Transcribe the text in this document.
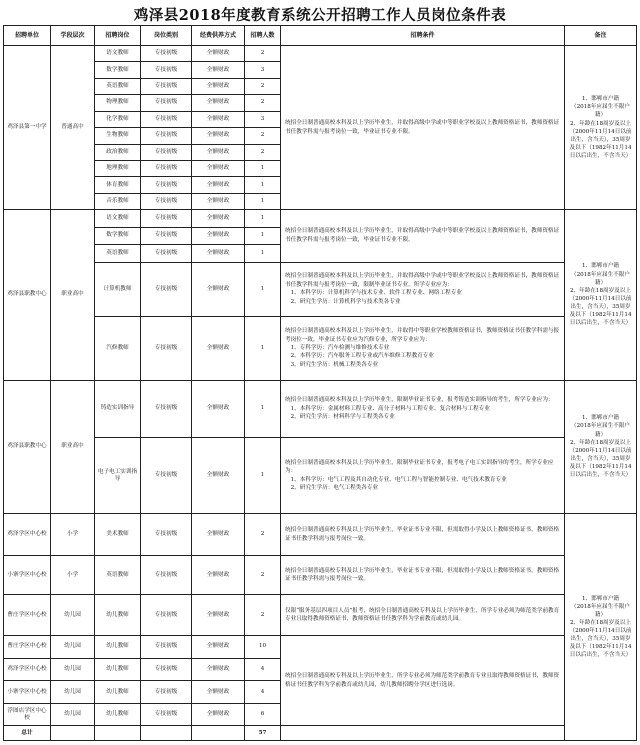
鸡泽县2018年度教育系统公开招聘工作人员岗位条件表
招聘单位	学段层次	招聘岗位	岗位类别	经费供养方式	招聘人数	招聘条件	备注	
鸡泽县第一中学	普通高中	语文教师	专技初级	全额财政	2	统招全日制普通高校本科及以上学历毕业生，并取得高级中学或中等职业学校及以上教师资格证书，教师资格证书任教学科需与报考岗位一致，毕业证书专业不限。	1、邯郸市户籍
（2018年应届生不限户籍）
2、年龄在18周岁及以上（2000年11月14日以前出生，含当天），35周岁及以下（1982年11月14日以后出生，不含当天）	

		数学教师	专技初级	全额财政	3			
		英语教师	专技初级	全额财政	2			
		物理教师	专技初级	全额财政	2			
		化学教师	专技初级	全额财政	3			
		生物教师	专技初级	全额财政	2			
		政治教师	专技初级	全额财政	2			
		地理教师	专技初级	全额财政	1			
		体育教师	专技初级	全额财政	1			
		音乐教师	专技初级	全额财政	1			
鸡泽县职教中心	职业高中	语文教师	专技初级	全额财政	1	统招全日制普通高校本科及以上学历毕业生，并取得高级中学或中等职业学校及以上教师资格证书，教师资格证书任教学科需与报考岗位一致，毕业证书专业不限。	1、邯郸市户籍
（2018年应届生不限户籍）
2、年龄在18周岁及以上（2000年11月14日以前出生，含当天），35周岁及以下（1982年11月14日以后出生，不含当天）	

		数学教师	专技初级	全额财政	1			
		英语教师	专技初级	全额财政	1			
		计算机教师	专技初级	全额财政	1	统招全日制普通高校本科及以上学历毕业生，并取得高级中学或中等职业学校及以上教师资格证书，教师资格证书任教学科需与报考岗位一致，限制毕业证书专业，所学专业应为：
1、本科学历：计算机科学与技术专业、软件工程专业、网络工程专业
2、研究生学历：计算机科学与技术类各专业		

		汽修教师	专技初级	全额财政	1	统招全日制普通高校本科及以上学历毕业生，并取得中等职业学校教师资格证书，教师资格证书任教学科需与报考岗位一致，毕业证书专业应为汽修专业，所学专业应为：
1、专科学历：汽车检测与维修技术专业
2、本科学历：汽车服务工程专业或汽车维修工程教育专业
3、研究生学历：机械工程类各专业		

鸡泽县职教中心	职业高中	铸造实训指导	专技初级	全额财政	1	统招全日制普通高校本科及以上学历毕业生，限制毕业证书专业，报考铸造实训指导的考生，所学专业应为：
1、本科学历：金属材料工程专业、高分子材料与工程专业、复合材料与工程专业
2、研究生学历：材料科学与工程类各专业	1、邯郸市户籍
（2018年应届生不限户籍）
2、年龄在18周岁及以上（2000年11月14日以前出生，含当天），35周岁及以下（1982年11月14日以后出生，不含当天）	

		电子电工实训指导	专技初级	全额财政	1	统招全日制普通高校本科及以上学历毕业生，限制毕业证书专业，报考电子电工实训指导的考生，所学专业应为：
1、本科学历：电气工程及其自动化专业、电气工程与智能控制专业、电气技术教育专业
2、研究生学历：电气工程类各专业		

鸡泽学区中心校	小学	美术教师	专技初级	全额财政	2	统招全日制普通高校专科及以上学历毕业生，毕业证书专业不限，但需取得小学及以上教师资格证书，教师资格证书任教学科需与报考岗位一致。	1、邯郸市户籍
（2018年应届生不限户籍）
2、年龄在18周岁及以上（2000年11月14日以前出生，含当天），35周岁及以下（1982年11月14日以后出生，不含当天）	

小寨学区中心校	小学	英语教师	专技初级	全额财政	2	统招全日制普通高校专科及以上学历毕业生，毕业证书专业不限，但需取得小学及以上教师资格证书，教师资格证书任教学科需与报考岗位一致。		

曹庄学区中心校	幼儿园	幼儿教师	专技初级	全额财政	2	仅限“服务基层四项目人员”报考，统招全日制普通高校专科及以上学历毕业生，所学专业必须为师范类学前教育专业且取得教师资格证书，教师资格证书任教学科为学前教育或幼儿园。		

曹庄学区中心校	幼儿园	幼儿教师	专技初级	全额财政	10	统招全日制普通高校专科及以上学历毕业生，所学专业必须为师范类学前教育专业且取得教师资格证书，教师资格证书任教学科为学前教育或幼儿园，幼儿教师招聘分学区进行选岗。		

鸡泽学区中心校	幼儿园	幼儿教师	专技初级	全额财政	4			
小寨学区中心校	幼儿园	幼儿教师	专技初级	全额财政	4			
浮图店学区中心校	幼儿园	幼儿教师	专技初级	全额财政	6			
总计					57			
